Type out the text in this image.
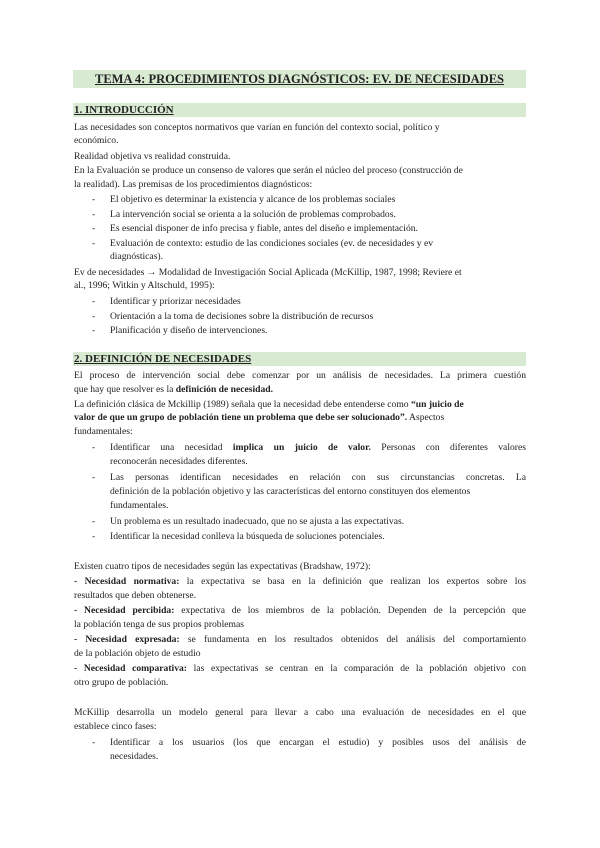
TEMA 4: PROCEDIMIENTOS DIAGNÓSTICOS: EV. DE NECESIDADES
1. INTRODUCCIÓN
Las necesidades son conceptos normativos que varían en función del contexto social, político y
económico.
Realidad objetiva vs realidad construida.
En la Evaluación se produce un consenso de valores que serán el núcleo del proceso (construcción de
la realidad). Las premisas de los procedimientos diagnósticos:
- El objetivo es determinar la existencia y alcance de los problemas sociales
- La intervención social se orienta a la solución de problemas comprobados.
- Es esencial disponer de info precisa y fiable, antes del diseño e implementación.
- Evaluación de contexto: estudio de las condiciones sociales (ev. de necesidades y ev
diagnósticas).
Ev de necesidades → Modalidad de Investigación Social Aplicada (McKillip, 1987, 1998; Reviere et
al., 1996; Witkin y Altschuld, 1995):
- Identificar y priorizar necesidades
- Orientación a la toma de decisiones sobre la distribución de recursos
- Planificación y diseño de intervenciones.
2. DEFINICIÓN DE NECESIDADES
El proceso de intervención social debe comenzar por un análisis de necesidades. La primera cuestión
que hay que resolver es la definición de necesidad.
La definición clásica de Mckillip (1989) señala que la necesidad debe entenderse como “un juicio de
valor de que un grupo de población tiene un problema que debe ser solucionado”. Aspectos
fundamentales:
- Identificar una necesidad implica un juicio de valor. Personas con diferentes valores
reconocerán necesidades diferentes.
- Las personas identifican necesidades en relación con sus circunstancias concretas. La
definición de la población objetivo y las características del entorno constituyen dos elementos
fundamentales.
- Un problema es un resultado inadecuado, que no se ajusta a las expectativas.
- Identificar la necesidad conlleva la búsqueda de soluciones potenciales.
Existen cuatro tipos de necesidades según las expectativas (Bradshaw, 1972):
- Necesidad normativa: la expectativa se basa en la definición que realizan los expertos sobre los
resultados que deben obtenerse.
- Necesidad percibida: expectativa de los miembros de la población. Dependen de la percepción que
la población tenga de sus propios problemas
- Necesidad expresada: se fundamenta en los resultados obtenidos del análisis del comportamiento
de la población objeto de estudio
- Necesidad comparativa: las expectativas se centran en la comparación de la población objetivo con
otro grupo de población.
McKillip desarrolla un modelo general para llevar a cabo una evaluación de necesidades en el que
establece cinco fases:
- Identificar a los usuarios (los que encargan el estudio) y posibles usos del análisis de
necesidades.
